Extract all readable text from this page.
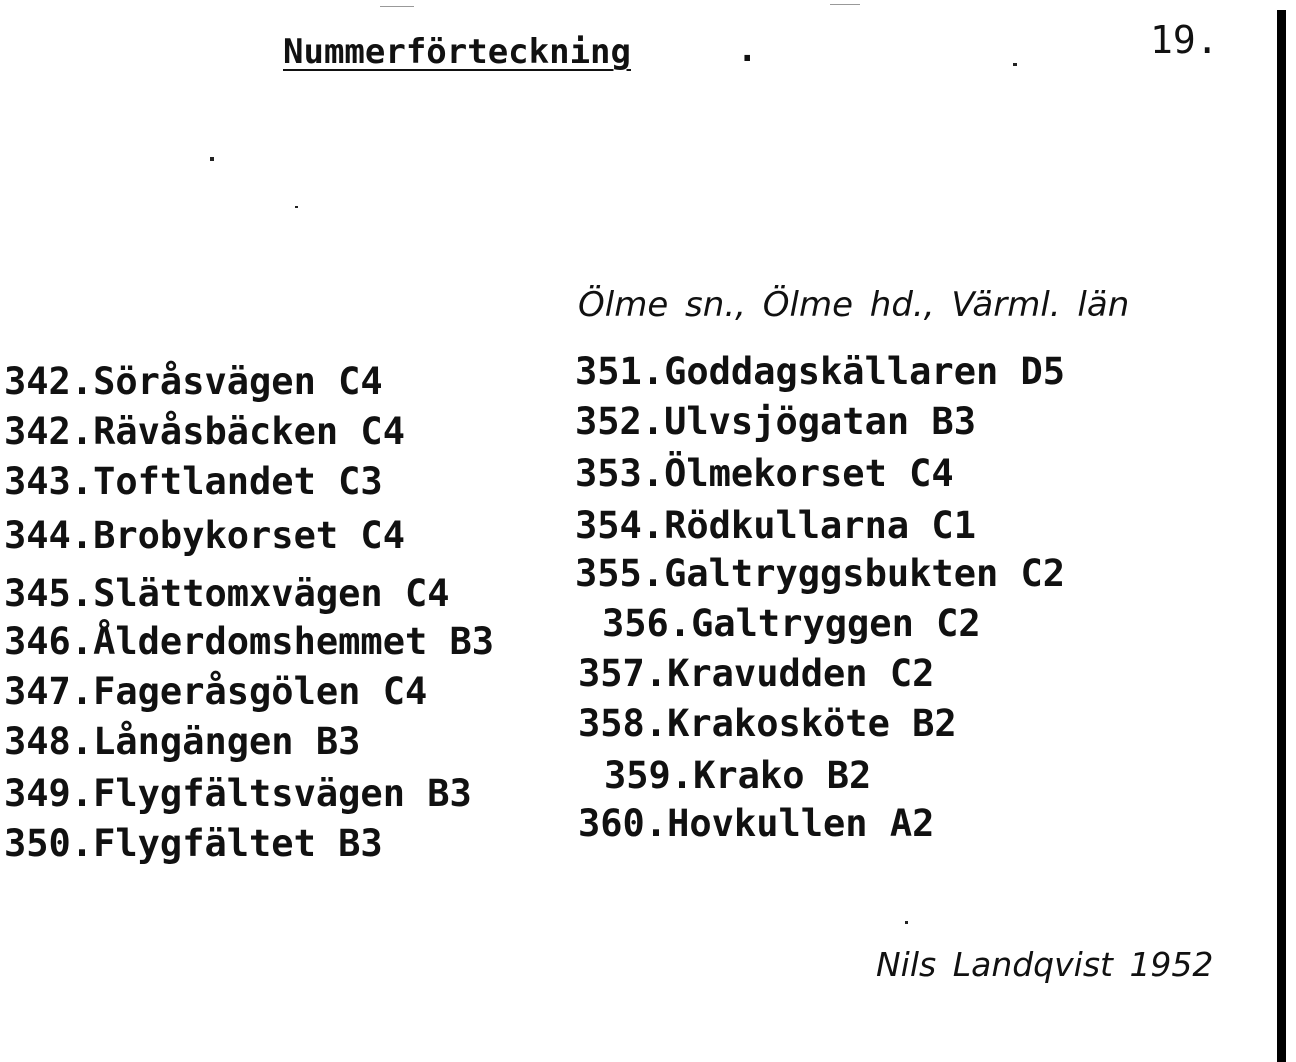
Nummerförteckning	.	19.
Ölme sn., Ölme hd., Värml. län
342.Söråsvägen C4
342.Rävåsbäcken C4
343.Toftlandet C3
344.Brobykorset C4
345.Slättomxvägen C4
346.Ålderdomshemmet B3
347.Fageråsgölen C4
348.Långängen B3
349.Flygfältsvägen B3
350.Flygfältet B3
351.Goddagskällaren D5
352.Ulvsjögatan B3
353.Ölmekorset C4
354.Rödkullarna C1
355.Galtryggsbukten C2
356.Galtryggen C2
357.Kravudden C2
358.Krakosköte B2
359.Krako B2
360.Hovkullen A2
Nils Landqvist 1952
